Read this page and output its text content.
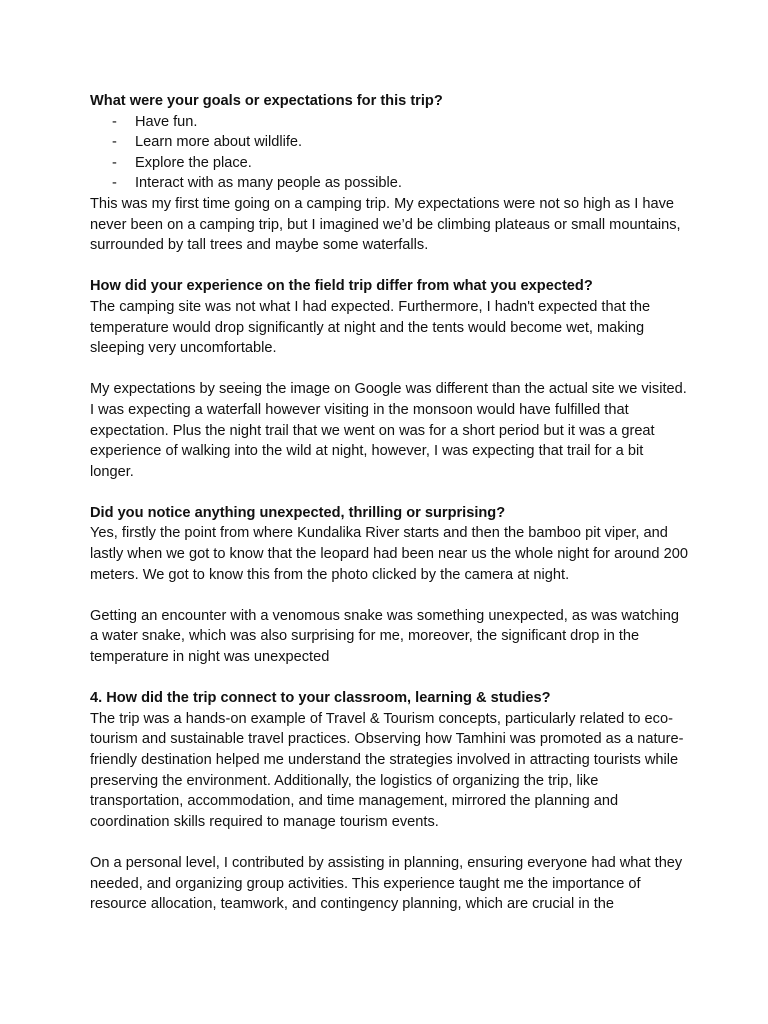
What were your goals or expectations for this trip?

- Have fun.
- Learn more about wildlife.
- Explore the place.
- Interact with as many people as possible.

This was my first time going on a camping trip. My expectations were not so high as I have never been on a camping trip, but I imagined we’d be climbing plateaus or small mountains, surrounded by tall trees and maybe some waterfalls.

How did your experience on the field trip differ from what you expected?

The camping site was not what I had expected. Furthermore, I hadn't expected that the temperature would drop significantly at night and the tents would become wet, making sleeping very uncomfortable.

My expectations by seeing the image on Google was different than the actual site we visited. I was expecting a waterfall however visiting in the monsoon would have fulfilled that expectation. Plus the night trail that we went on was for a short period but it was a great experience of walking into the wild at night, however, I was expecting that trail for a bit longer.

Did you notice anything unexpected, thrilling or surprising?

Yes, firstly the point from where Kundalika River starts and then the bamboo pit viper, and lastly when we got to know that the leopard had been near us the whole night for around 200 meters. We got to know this from the photo clicked by the camera at night.

Getting an encounter with a venomous snake was something unexpected, as was watching a water snake, which was also surprising for me, moreover, the significant drop in the temperature in night was unexpected

4. How did the trip connect to your classroom, learning & studies?

The trip was a hands-on example of Travel & Tourism concepts, particularly related to eco-tourism and sustainable travel practices. Observing how Tamhini was promoted as a nature-friendly destination helped me understand the strategies involved in attracting tourists while preserving the environment. Additionally, the logistics of organizing the trip, like transportation, accommodation, and time management, mirrored the planning and coordination skills required to manage tourism events.

On a personal level, I contributed by assisting in planning, ensuring everyone had what they needed, and organizing group activities. This experience taught me the importance of resource allocation, teamwork, and contingency planning, which are crucial in the
